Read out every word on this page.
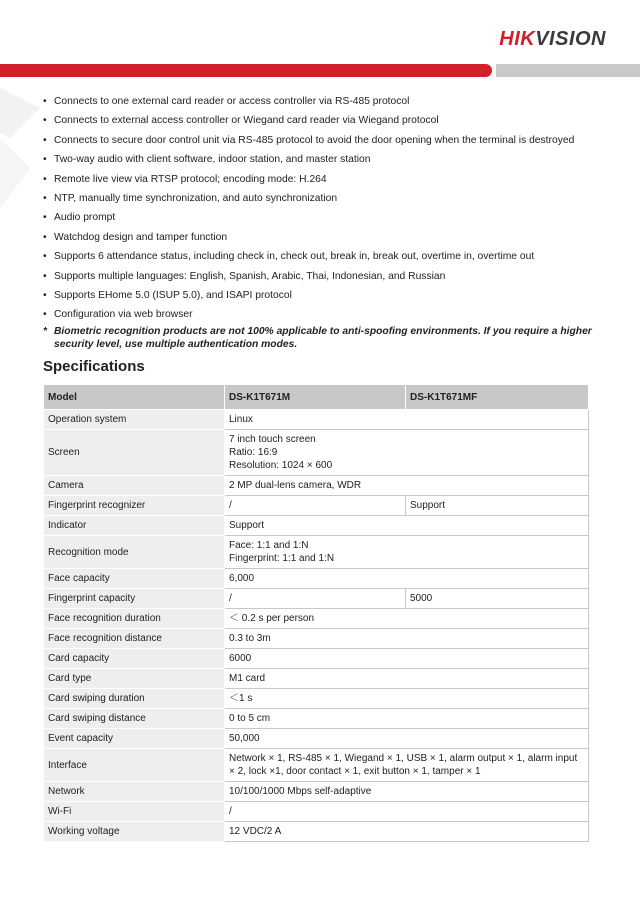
HIKVISION
• Connects to one external card reader or access controller via RS-485 protocol
• Connects to external access controller or Wiegand card reader via Wiegand protocol
• Connects to secure door control unit via RS-485 protocol to avoid the door opening when the terminal is destroyed
• Two-way audio with client software, indoor station, and master station
• Remote live view via RTSP protocol; encoding mode: H.264
• NTP, manually time synchronization, and auto synchronization
• Audio prompt
• Watchdog design and tamper function
• Supports 6 attendance status, including check in, check out, break in, break out, overtime in, overtime out
• Supports multiple languages: English, Spanish, Arabic, Thai, Indonesian, and Russian
• Supports EHome 5.0 (ISUP 5.0), and ISAPI protocol
• Configuration via web browser
* Biometric recognition products are not 100% applicable to anti-spoofing environments. If you require a higher security level, use multiple authentication modes.
Specifications
Model	DS-K1T671M	DS-K1T671MF
Operation system	Linux	
Screen	7 inch touch screen
Ratio: 16:9
Resolution: 1024 × 600	
Camera	2 MP dual-lens camera, WDR	
Fingerprint recognizer	/	Support
Indicator	Support	
Recognition mode	Face: 1:1 and 1:N
Fingerprint: 1:1 and 1:N	
Face capacity	6,000	
Fingerprint capacity	/	5000
Face recognition duration	＜ 0.2 s per person	
Face recognition distance	0.3 to 3m	
Card capacity	6000	
Card type	M1 card	
Card swiping duration	＜1 s	
Card swiping distance	0 to 5 cm	
Event capacity	50,000	
Interface	Network × 1, RS-485 × 1, Wiegand × 1, USB × 1, alarm output × 1, alarm input × 2, lock ×1, door contact × 1, exit button × 1, tamper × 1	
Network	10/100/1000 Mbps self-adaptive	
Wi-Fi	/	
Working voltage	12 VDC/2 A	
